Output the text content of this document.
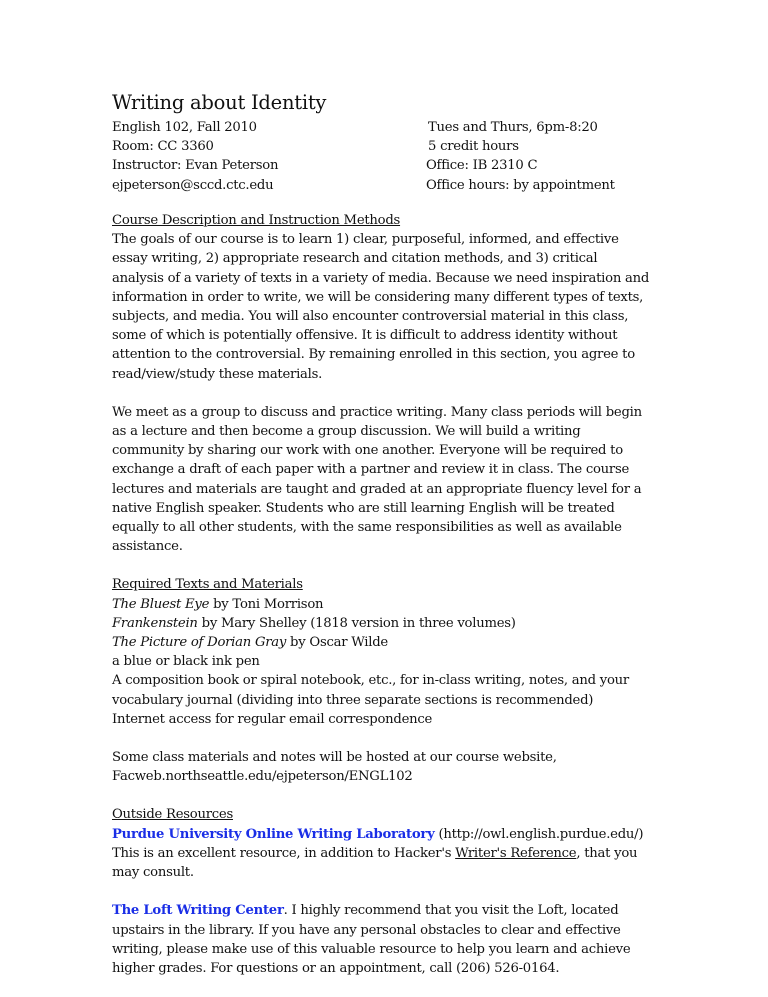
Writing about Identity
English 102, Fall 2010
Room: CC 3360
Instructor: Evan Peterson
ejpeterson@sccd.ctc.edu
Tues and Thurs, 6pm-8:20
5 credit hours
Office: IB 2310 C
Office hours: by appointment
Course Description and Instruction Methods

The goals of our course is to learn 1) clear, purposeful, informed, and effective essay writing, 2) appropriate research and citation methods, and 3) critical analysis of a variety of texts in a variety of media. Because we need inspiration and information in order to write, we will be considering many different types of texts, subjects, and media. You will also encounter controversial material in this class, some of which is potentially offensive. It is difficult to address identity without attention to the controversial. By remaining enrolled in this section, you agree to read/view/study these materials.

We meet as a group to discuss and practice writing. Many class periods will begin as a lecture and then become a group discussion. We will build a writing community by sharing our work with one another. Everyone will be required to exchange a draft of each paper with a partner and review it in class. The course lectures and materials are taught and graded at an appropriate fluency level for a native English speaker. Students who are still learning English will be treated equally to all other students, with the same responsibilities as well as available assistance.

Required Texts and Materials
The Bluest Eye by Toni Morrison
Frankenstein by Mary Shelley (1818 version in three volumes)
The Picture of Dorian Gray by Oscar Wilde
a blue or black ink pen
A composition book or spiral notebook, etc., for in-class writing, notes, and your vocabulary journal (dividing into three separate sections is recommended)
Internet access for regular email correspondence
Some class materials and notes will be hosted at our course website,
Facweb.northseattle.edu/ejpeterson/ENGL102
Outside Resources
Purdue University Online Writing Laboratory (http://owl.english.purdue.edu/)
This is an excellent resource, in addition to Hacker's Writer's Reference, that you may consult.
The Loft Writing Center. I highly recommend that you visit the Loft, located upstairs in the library. If you have any personal obstacles to clear and effective writing, please make use of this valuable resource to help you learn and achieve higher grades. For questions or an appointment, call (206) 526-0164.
